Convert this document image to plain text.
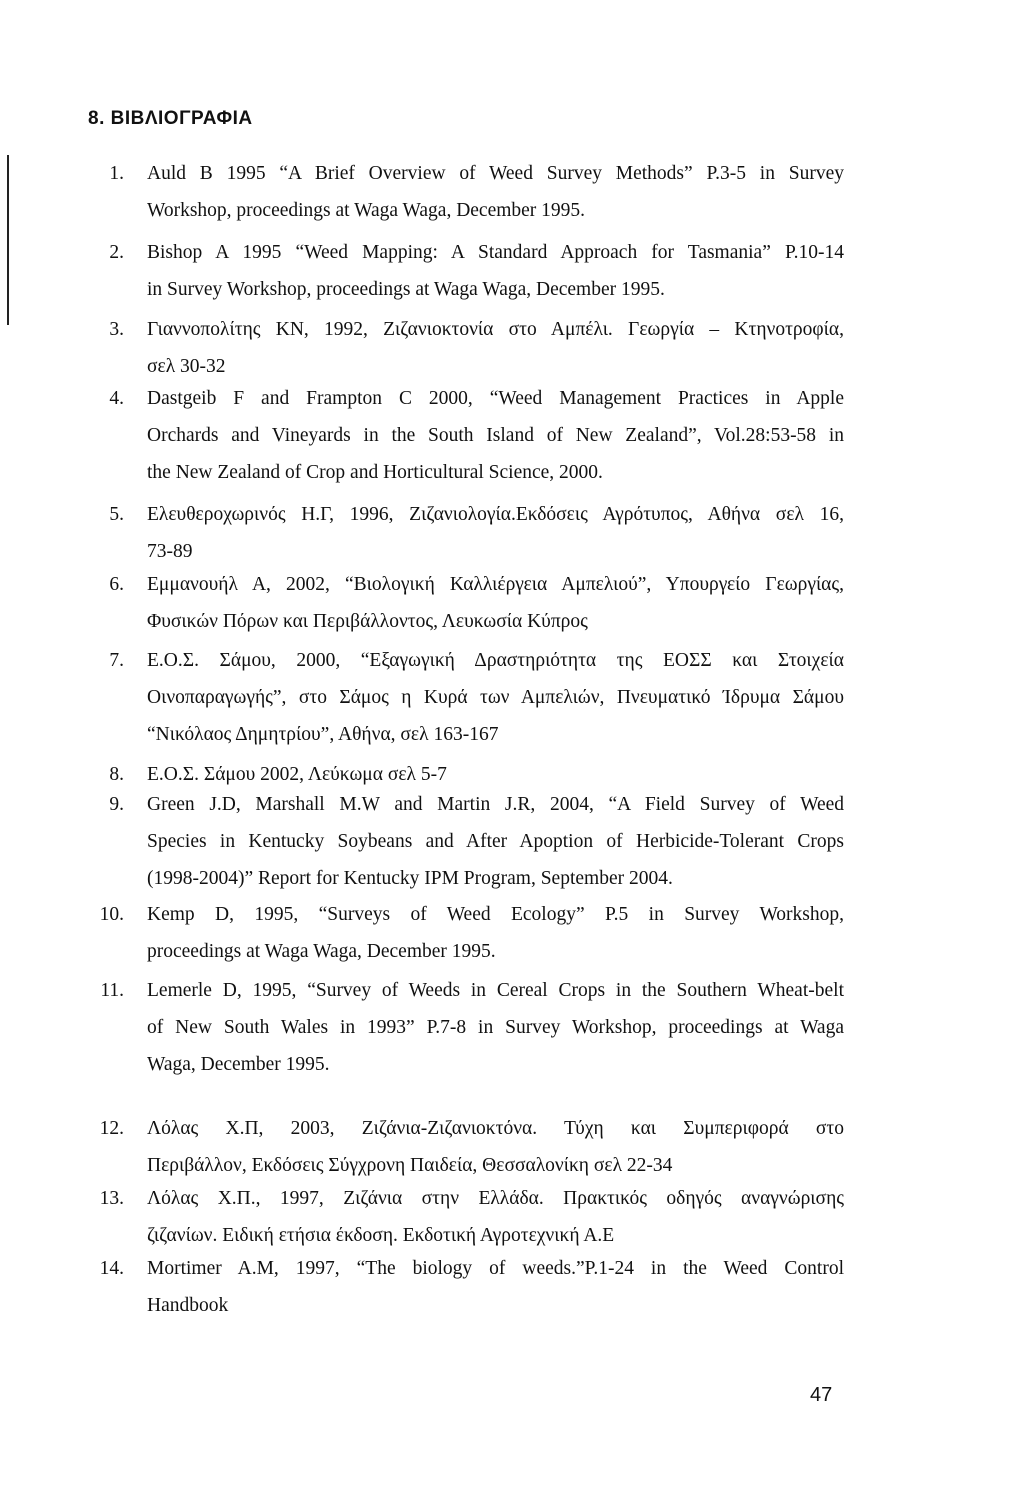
8. ΒΙΒΛΙΟΓΡΑΦΙΑ
1. Auld B 1995 “A Brief Overview of Weed Survey Methods” P.3-5 in Survey
Workshop, proceedings at Waga Waga, December 1995.
2. Bishop A 1995 “Weed Mapping: A Standard Approach for Tasmania” P.10-14
in Survey Workshop, proceedings at Waga Waga, December 1995.
3. Γιαννοπολίτης ΚΝ, 1992, Ζιζανιοκτονία στο Αμπέλι. Γεωργία – Κτηνοτροφία,
σελ 30-32
4. Dastgeib F and Frampton C 2000, “Weed Management Practices in Apple
Orchards and Vineyards in the South Island of New Zealand”, Vol.28:53-58 in
the New Zealand of Crop and Horticultural Science, 2000.
5. Ελευθεροχωρινός Η.Γ, 1996, Ζιζανιολογία.Εκδόσεις Αγρότυπος, Αθήνα σελ 16,
73-89
6. Εμμανουήλ Α, 2002, “Βιολογική Καλλιέργεια Αμπελιού”, Υπουργείο Γεωργίας,
Φυσικών Πόρων και Περιβάλλοντος, Λευκωσία Κύπρος
7. Ε.Ο.Σ. Σάμου, 2000, “Εξαγωγική Δραστηριότητα της ΕΟΣΣ και Στοιχεία
Οινοπαραγωγής”, στο Σάμος η Κυρά των Αμπελιών, Πνευματικό Ίδρυμα Σάμου
“Νικόλαος Δημητρίου”, Αθήνα, σελ 163-167
8. Ε.Ο.Σ. Σάμου 2002, Λεύκωμα σελ 5-7
9. Green J.D, Marshall M.W and Martin J.R, 2004, “A Field Survey of Weed
Species in Kentucky Soybeans and After Apoption of Herbicide-Tolerant Crops
(1998-2004)” Report for Kentucky IPM Program, September 2004.
10. Kemp D, 1995, “Surveys of Weed Ecology” P.5 in Survey Workshop,
proceedings at Waga Waga, December 1995.
11. Lemerle D, 1995, “Survey of Weeds in Cereal Crops in the Southern Wheat-belt
of New South Wales in 1993” P.7-8 in Survey Workshop, proceedings at Waga
Waga, December 1995.
12. Λόλας Χ.Π, 2003, Ζιζάνια-Ζιζανιοκτόνα. Τύχη και Συμπεριφορά στο
Περιβάλλον, Εκδόσεις Σύγχρονη Παιδεία, Θεσσαλονίκη σελ 22-34
13. Λόλας Χ.Π., 1997, Ζιζάνια στην Ελλάδα. Πρακτικός οδηγός αναγνώρισης
ζιζανίων. Ειδική ετήσια έκδοση. Εκδοτική Αγροτεχνική Α.Ε
14. Mortimer A.M, 1997, “The biology of weeds.”P.1-24 in the Weed Control
Handbook
47
